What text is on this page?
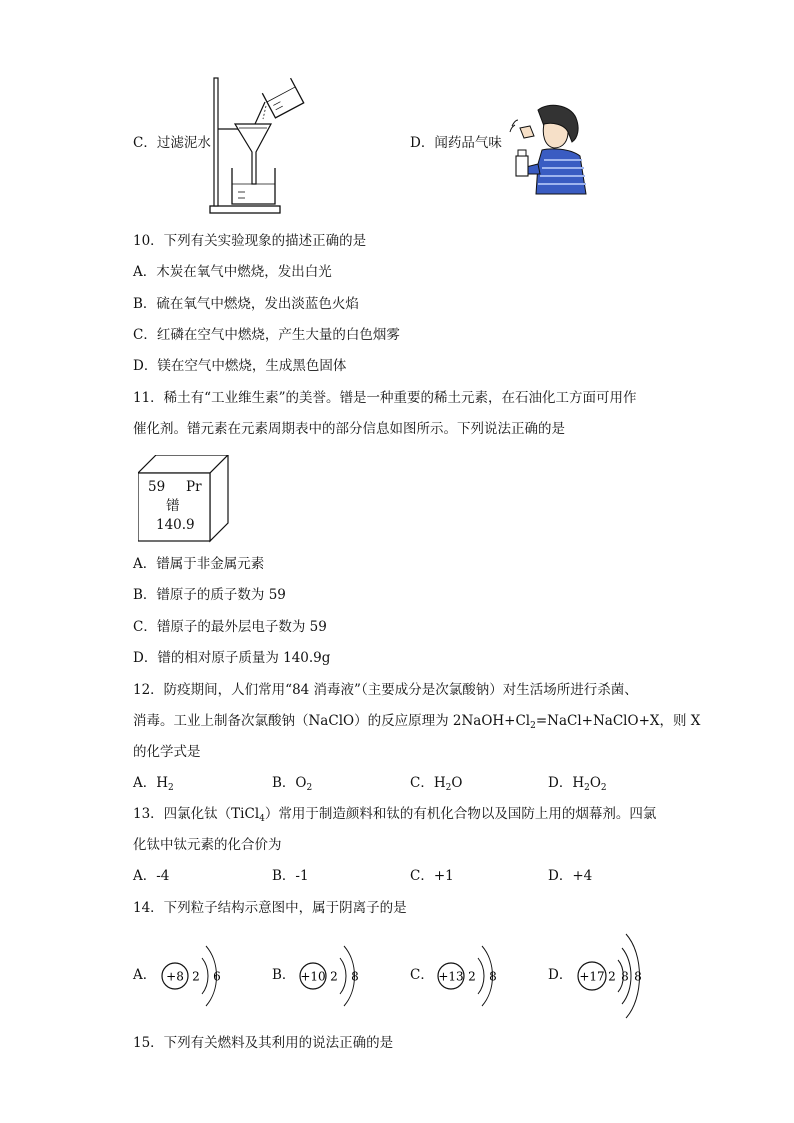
C．过滤泥水	D．闻药品气味
10．下列有关实验现象的描述正确的是
A．木炭在氧气中燃烧，发出白光
B．硫在氧气中燃烧，发出淡蓝色火焰
C．红磷在空气中燃烧，产生大量的白色烟雾
D．镁在空气中燃烧，生成黑色固体
11．稀土有“工业维生素”的美誉。镨是一种重要的稀土元素，在石油化工方面可用作
催化剂。镨元素在元素周期表中的部分信息如图所示。下列说法正确的是
59 Pr
镨
140.9
A．镨属于非金属元素
B．镨原子的质子数为 59
C．镨原子的最外层电子数为 59
D．镨的相对原子质量为 140.9g
12．防疫期间，人们常用“84 消毒液”（主要成分是次氯酸钠）对生活场所进行杀菌、
消毒。工业上制备次氯酸钠（NaClO）的反应原理为 $2NaOH+Cl_2=NaCl+NaClO+X$，则 X
的化学式是
A．$H_2$	B．$O_2$	C．$H_2O$	D．$H_2O_2$
13．四氯化钛（TiCl$_4$）常用于制造颜料和钛的有机化合物以及国防上用的烟幕剂。四氯
化钛中钛元素的化合价为
A．-4	B．-1	C．+1	D．+4
14．下列粒子结构示意图中，属于阴离子的是
A． +8 2 6	B． +10 2 8	C． +13 2 8	D． +17 2 8 8
15．下列有关燃料及其利用的说法正确的是
